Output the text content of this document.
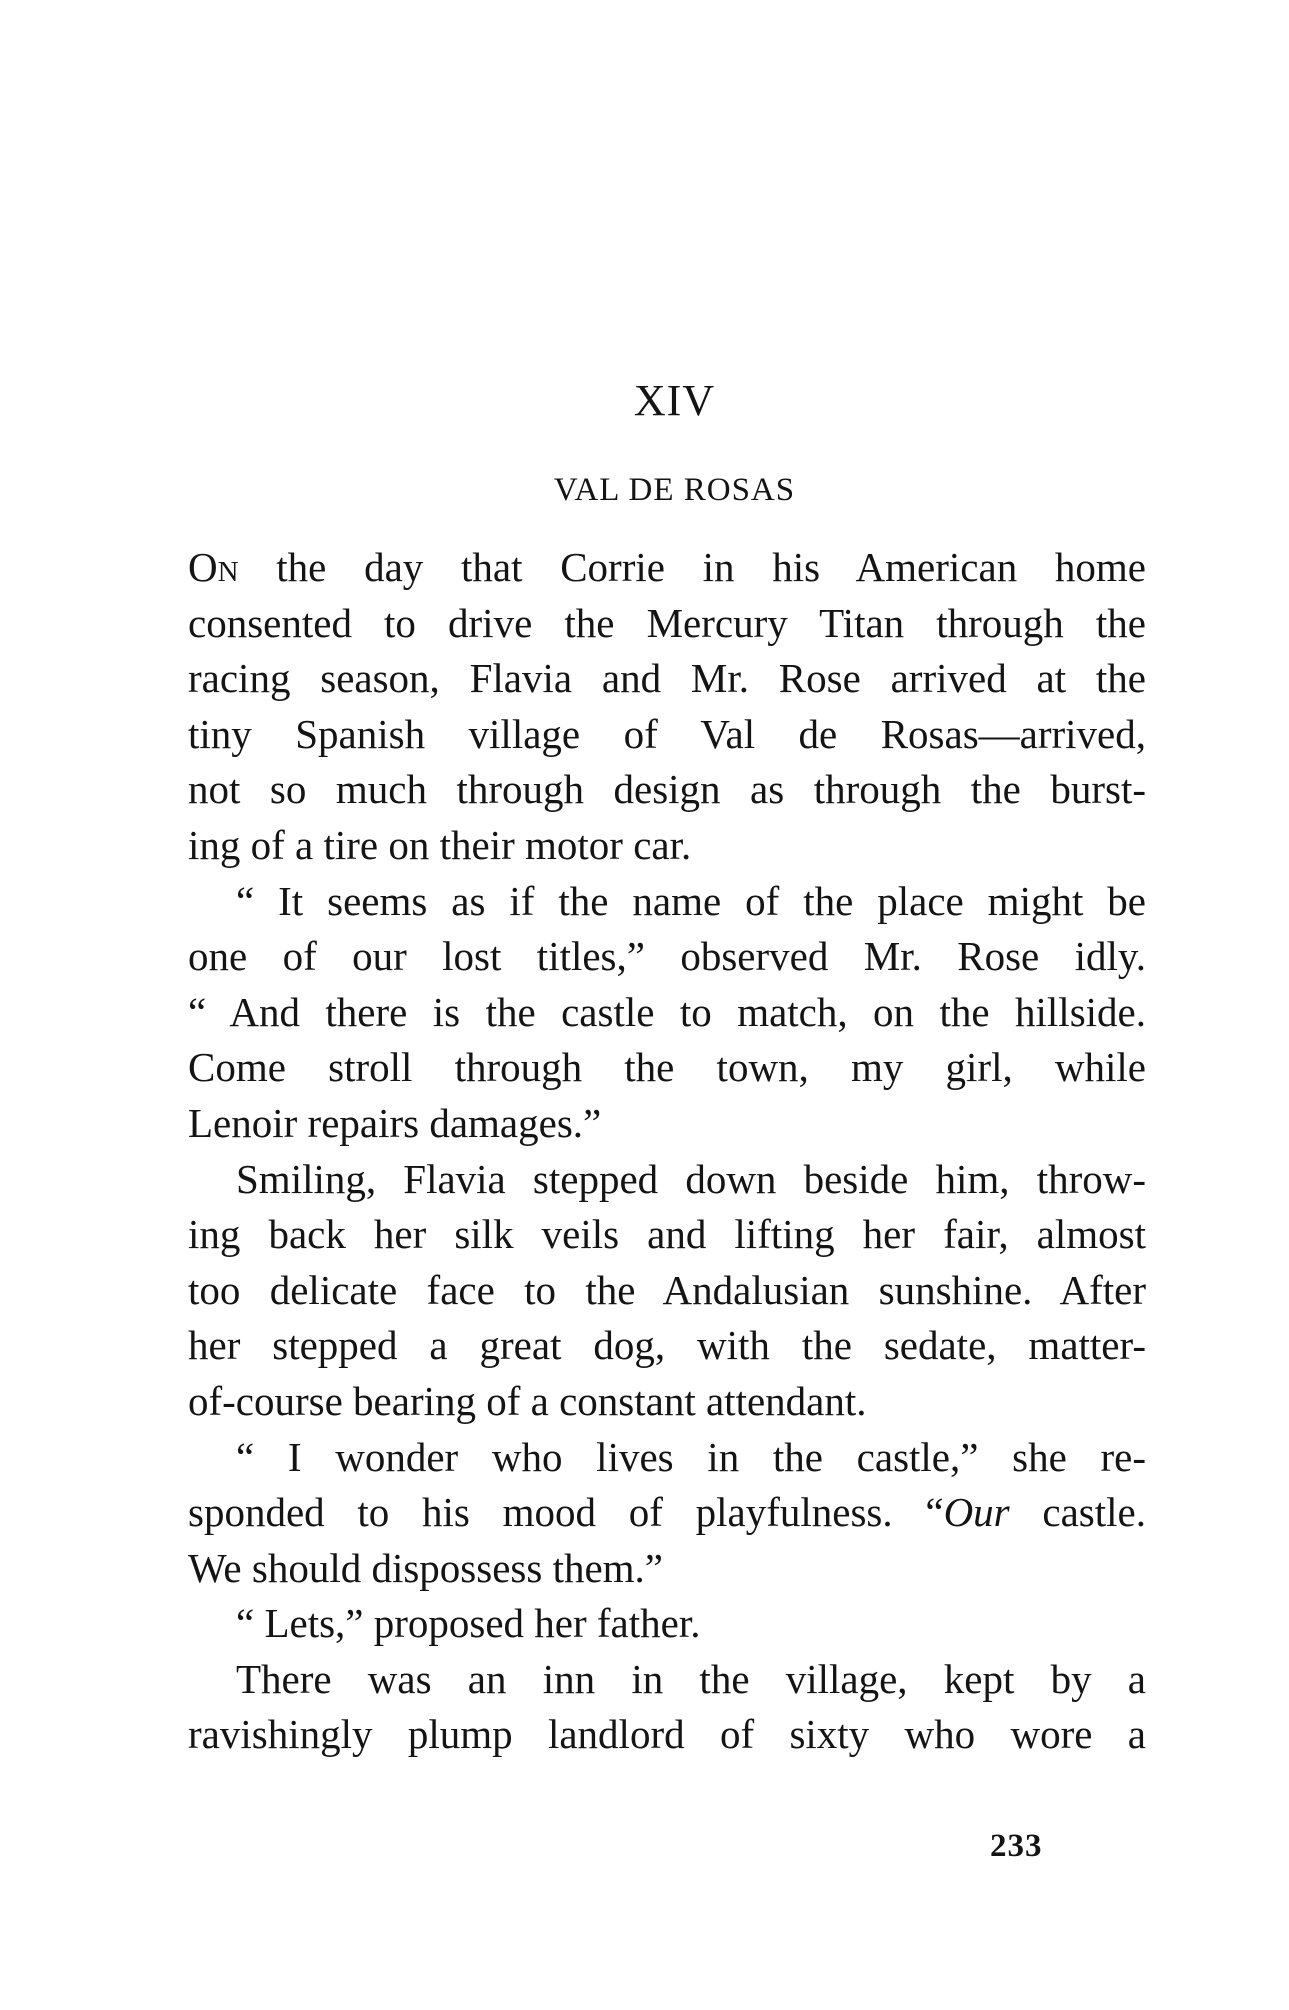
XIV
VAL DE ROSAS
On the day that Corrie in his American home
consented to drive the Mercury Titan through the
racing season, Flavia and Mr. Rose arrived at the
tiny Spanish village of Val de Rosas—arrived,
not so much through design as through the burst-
ing of a tire on their motor car.
“ It seems as if the name of the place might be
one of our lost titles,” observed Mr. Rose idly.
“ And there is the castle to match, on the hillside.
Come stroll through the town, my girl, while
Lenoir repairs damages.”
Smiling, Flavia stepped down beside him, throw-
ing back her silk veils and lifting her fair, almost
too delicate face to the Andalusian sunshine. After
her stepped a great dog, with the sedate, matter-
of-course bearing of a constant attendant.
“ I wonder who lives in the castle,” she re-
sponded to his mood of playfulness. “Our castle.
We should dispossess them.”
“ Lets,” proposed her father.
There was an inn in the village, kept by a
ravishingly plump landlord of sixty who wore a
233
